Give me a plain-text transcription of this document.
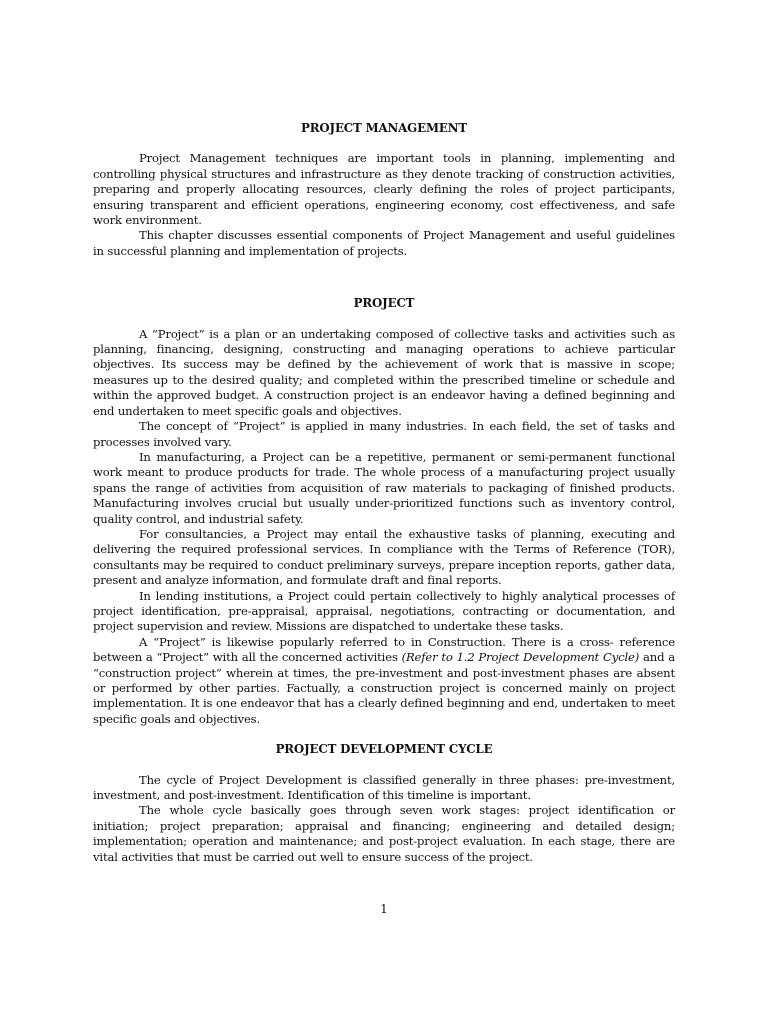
PROJECT MANAGEMENT

Project Management techniques are important tools in planning, implementing and controlling physical structures and infrastructure as they denote tracking of construction activities, preparing and properly allocating resources, clearly defining the roles of project participants, ensuring transparent and efficient operations, engineering economy, cost effectiveness, and safe work environment.

This chapter discusses essential components of Project Management and useful guidelines in successful planning and implementation of projects.

PROJECT

A “Project” is a plan or an undertaking composed of collective tasks and activities such as planning, financing, designing, constructing and managing operations to achieve particular objectives. Its success may be defined by the achievement of work that is massive in scope; measures up to the desired quality; and completed within the prescribed timeline or schedule and within the approved budget. A construction project is an endeavor having a defined beginning and end undertaken to meet specific goals and objectives.

The concept of “Project” is applied in many industries. In each field, the set of tasks and processes involved vary.

In manufacturing, a Project can be a repetitive, permanent or semi-permanent functional work meant to produce products for trade. The whole process of a manufacturing project usually spans the range of activities from acquisition of raw materials to packaging of finished products. Manufacturing involves crucial but usually under-prioritized functions such as inventory control, quality control, and industrial safety.

For consultancies, a Project may entail the exhaustive tasks of planning, executing and delivering the required professional services. In compliance with the Terms of Reference (TOR), consultants may be required to conduct preliminary surveys, prepare inception reports, gather data, present and analyze information, and formulate draft and final reports.

In lending institutions, a Project could pertain collectively to highly analytical processes of project identification, pre-appraisal, appraisal, negotiations, contracting or documentation, and project supervision and review. Missions are dispatched to undertake these tasks.

A “Project” is likewise popularly referred to in Construction. There is a cross- reference between a “Project” with all the concerned activities (Refer to 1.2 Project Development Cycle) and a “construction project” wherein at times, the pre-investment and post-investment phases are absent or performed by other parties. Factually, a construction project is concerned mainly on project implementation. It is one endeavor that has a clearly defined beginning and end, undertaken to meet specific goals and objectives.

PROJECT DEVELOPMENT CYCLE

The cycle of Project Development is classified generally in three phases: pre-investment, investment, and post-investment. Identification of this timeline is important.

The whole cycle basically goes through seven work stages: project identification or initiation; project preparation; appraisal and financing; engineering and detailed design; implementation; operation and maintenance; and post-project evaluation. In each stage, there are vital activities that must be carried out well to ensure success of the project.

1
